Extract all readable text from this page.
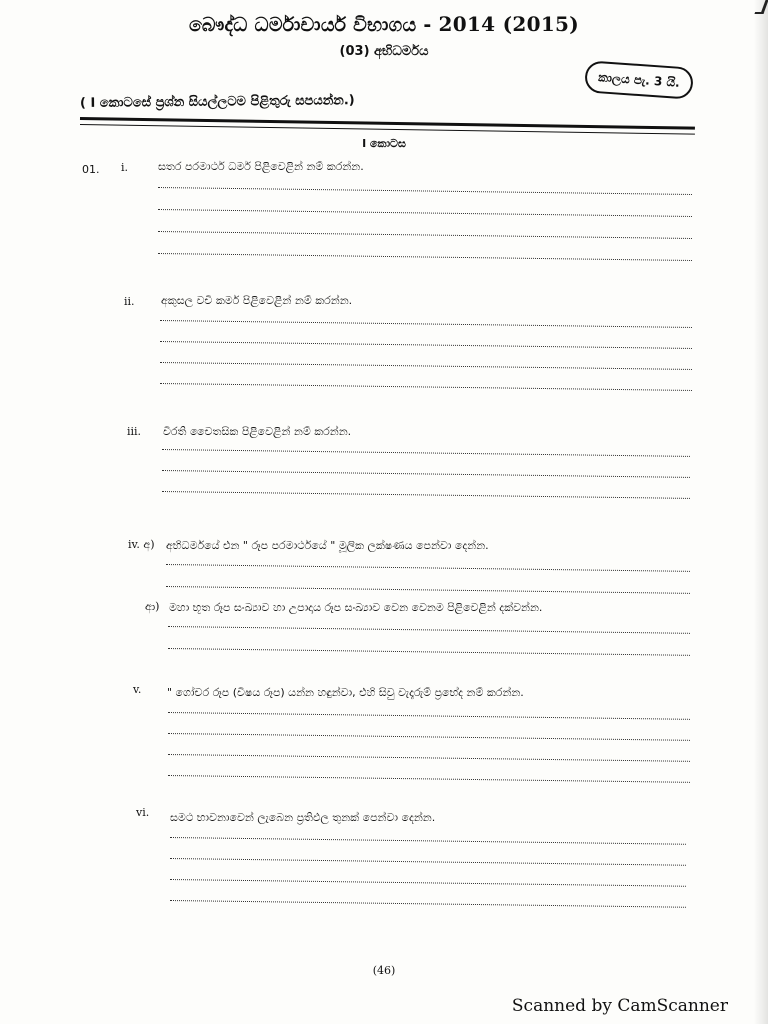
බෞද්ධ ධර්මාචාර්ය විභාගය - 2014 (2015)
(03) අභිධර්මය
කාලය පැ. 3 යි.
( I කොටසේ ප්‍රශ්න සියල්ලටම පිළිතුරු සපයන්න.)
I කොටස
01. i.	සතර පරමාර්ථ ධර්ම පිළිවෙළින් නම් කරන්න.
ii. අකුසල වචී කර්ම පිළිවෙළින් නම් කරන්න.
iii. විරති චෛතසික පිළිවෙළින් නම් කරන්න.
iv. අ) අභිධර්මයේ එන " රූප පරමාර්ථයේ " මූලික ලක්ෂණය පෙන්වා දෙන්න.
ආ) මහා භූත රූප සංඛ්‍යාව හා උපාදාය රූප සංඛ්‍යාව වෙන වෙනම පිළිවෙළින් දක්වන්න.
v. " ගෝචර රූප (විෂය රූප) යන්න හඳුන්වා, එහි සිවු වැදෑරුම් ප්‍රභේද නම් කරන්න.
vi. සමථ භාවනාවෙන් ලැබෙන ප්‍රතිඵල තුනක් පෙන්වා දෙන්න.
(46)
Scanned by CamScanner
